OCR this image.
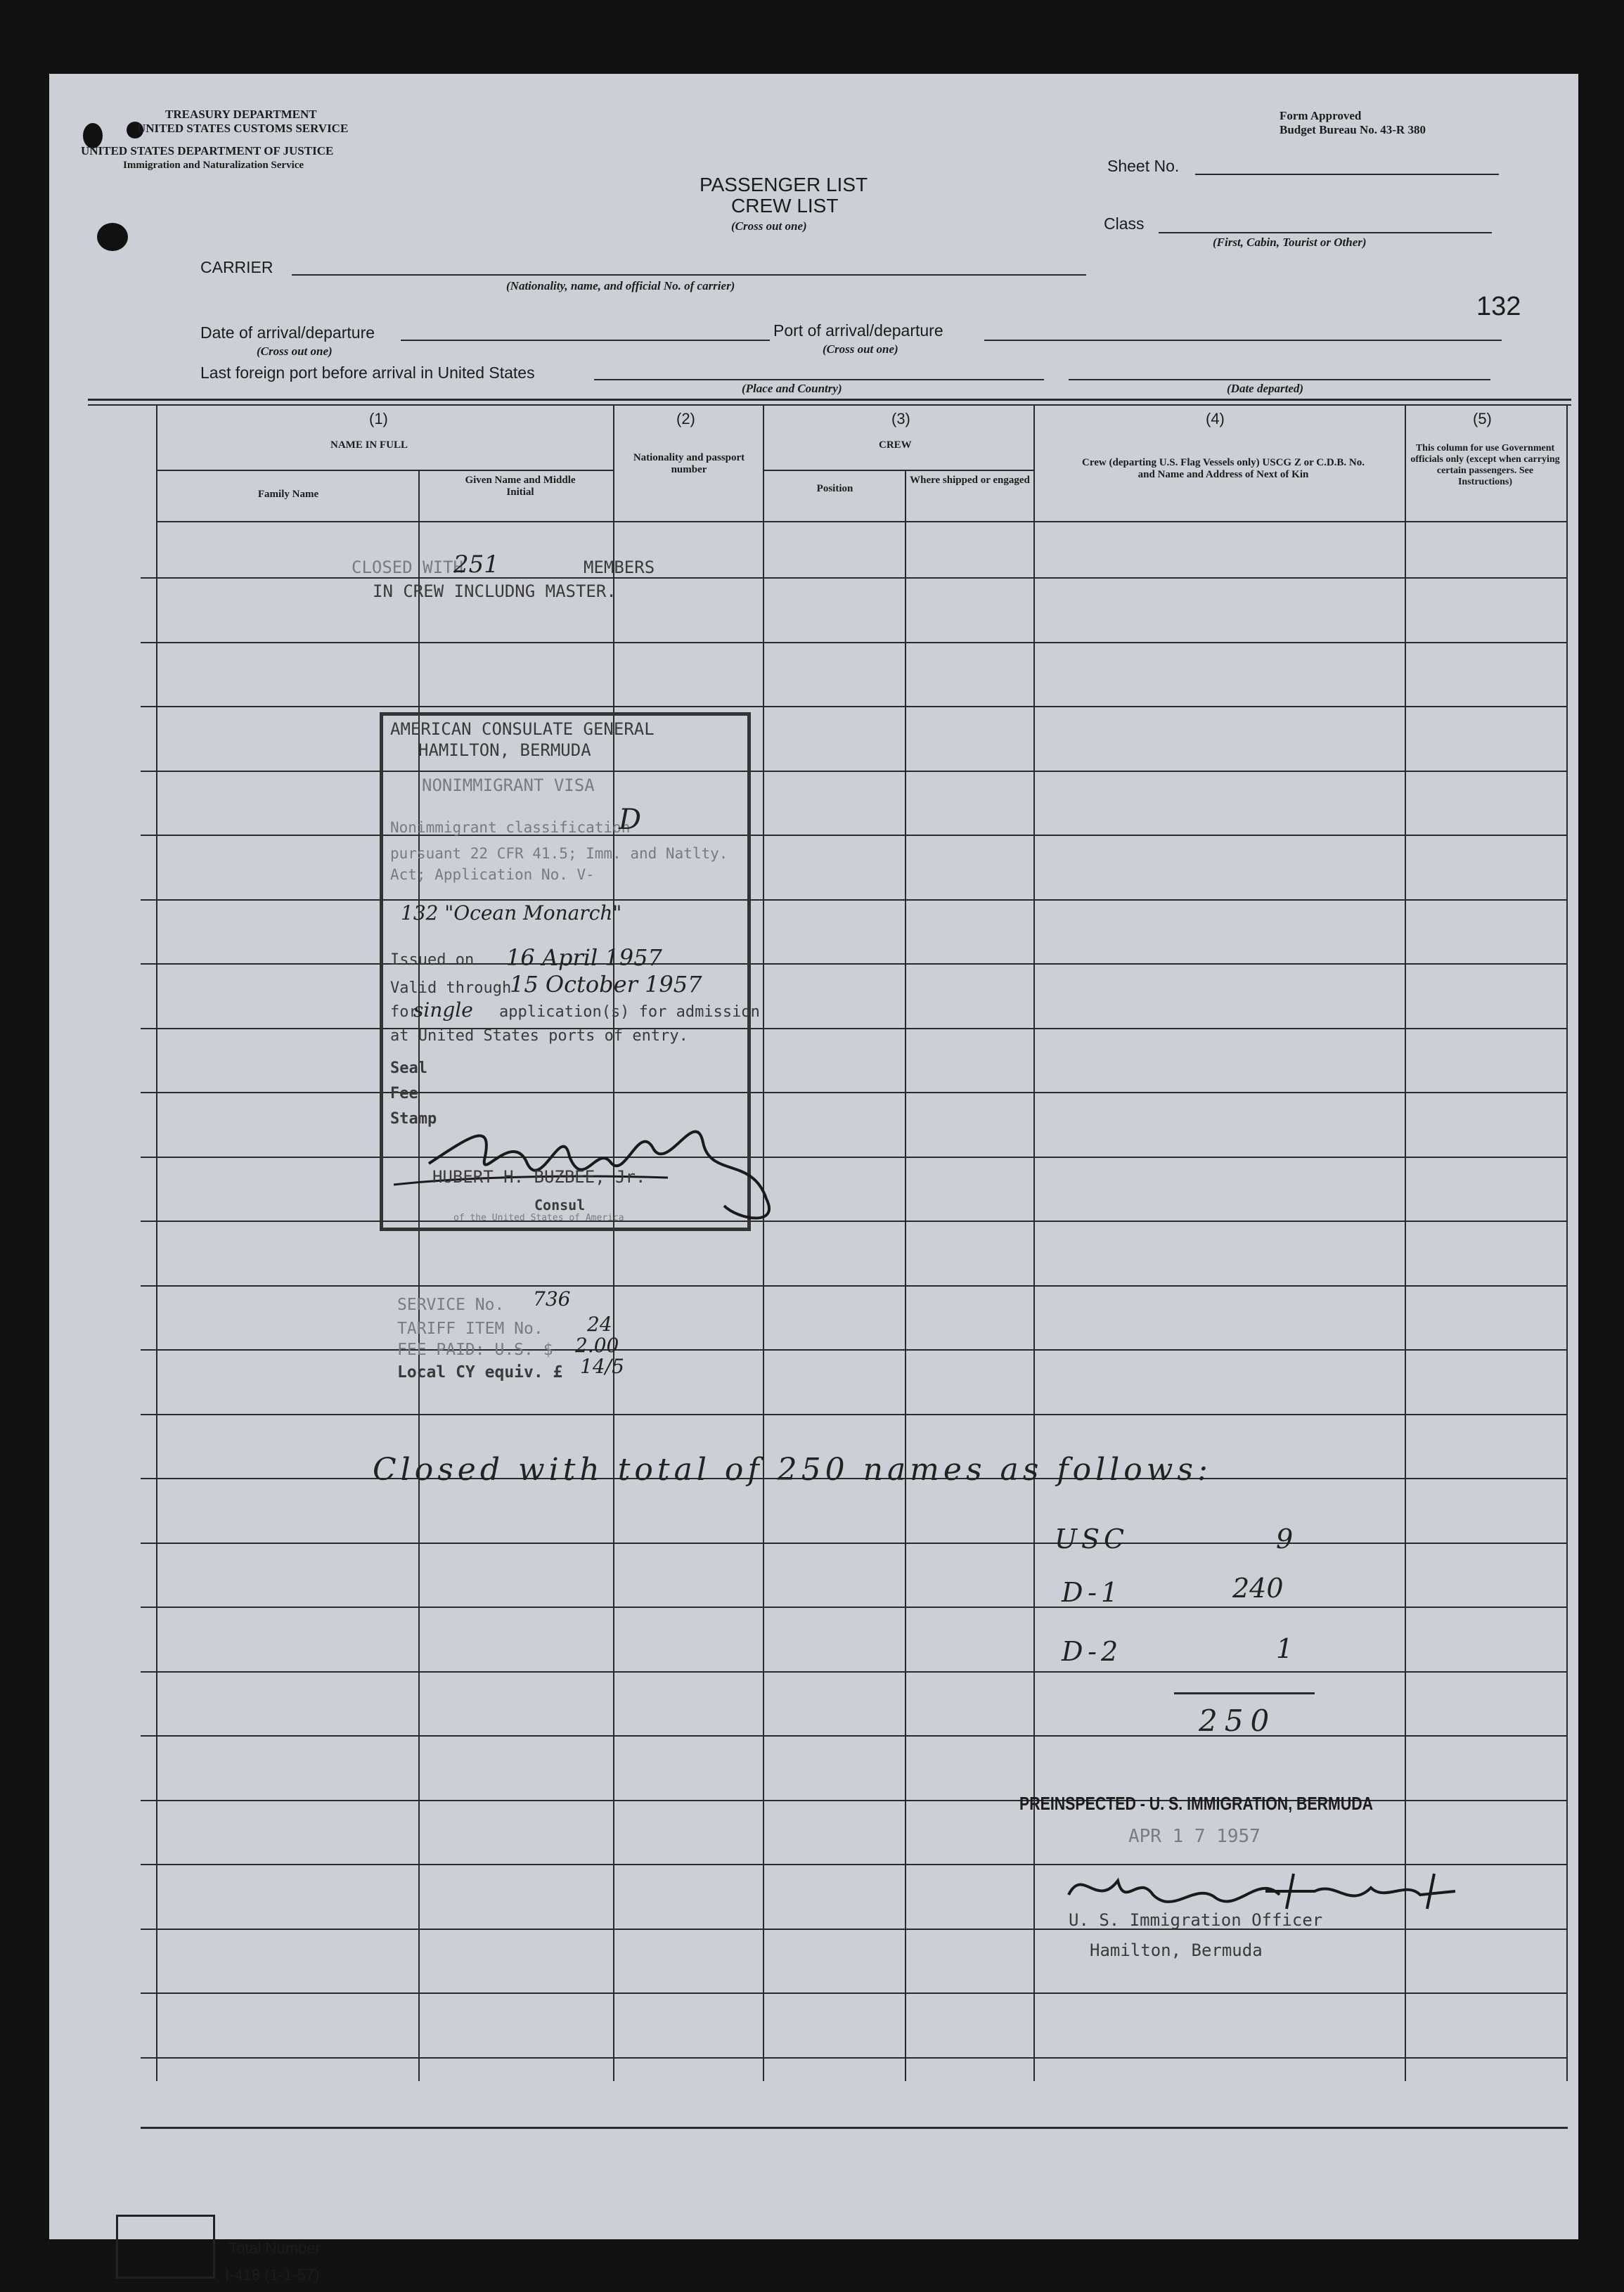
TREASURY DEPARTMENT
UNITED STATES CUSTOMS SERVICE
UNITED STATES DEPARTMENT OF JUSTICE
Immigration and Naturalization Service
Form Approved
Budget Bureau No. 43-R 380
PASSENGER LIST
CREW LIST
(Cross out one)
Sheet No.
Class
(First, Cabin, Tourist or Other)
CARRIER
(Nationality, name, and official No. of carrier)
132
Date of arrival/departure
(Cross out one)
Port of arrival/departure
(Cross out one)
Last foreign port before arrival in United States
(Place and Country)	(Date departed)
(1)
NAME IN FULL
Family Name
Given Name and Middle Initial
(2)
Nationality and passport number
(3)
CREW
Position
Where shipped or engaged
(4)
Crew (departing U.S. Flag Vessels only) USCG Z or C.D.B. No. and Name and Address of Next of Kin
(5)
This column for use Government officials only (except when carrying certain passengers. See Instructions)
CLOSED WITH
251	MEMBERS
IN CREW INCLUDNG MASTER.
AMERICAN CONSULATE GENERAL
HAMILTON, BERMUDA
NONIMMIGRANT VISA
Nonimmigrant classification
D
pursuant 22 CFR 41.5; Imm. and Natlty.
Act; Application No. V-
132 "Ocean Monarch"
Issued on 16 April 1957
Valid through
15 October 1957
for
single application(s) for admission
at United States ports of entry.
Seal
Fee
Stamp
HUBERT H. BUZBEE, Jr.
Consul
of the United States of America
SERVICE No. 736
TARIFF ITEM No. 24
FEE PAID: U.S. $ 2.00
Local CY equiv. £ 14/5
Closed with total of 250 names as follows:
USC	9
D-1	240
D-2	1
250
PREINSPECTED - U. S. IMMIGRATION, BERMUDA
APR 1 7 1957
U. S. Immigration Officer
Hamilton, Bermuda
Total Number
I-418 (1-1-57)
